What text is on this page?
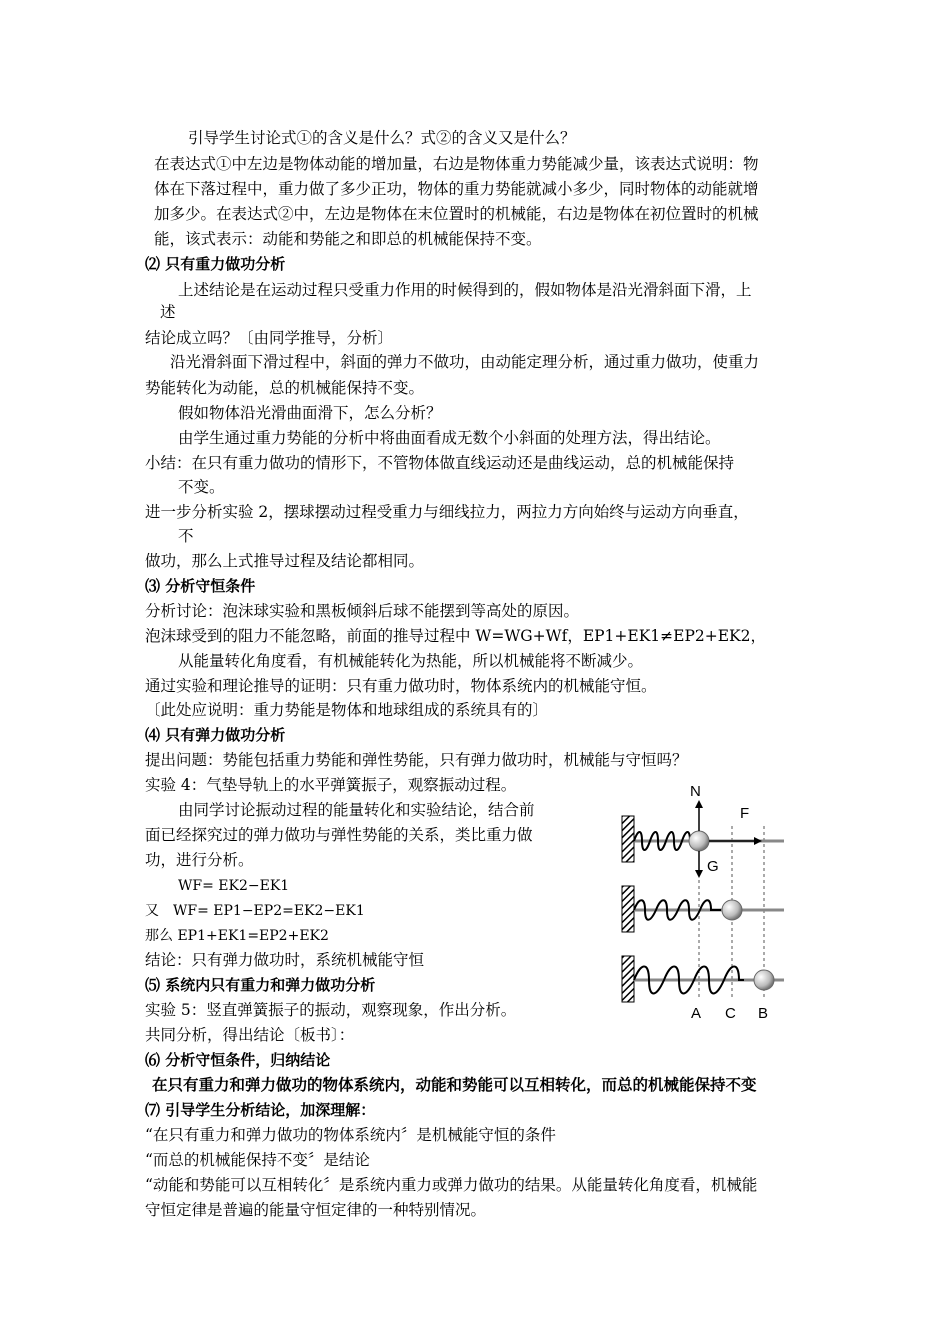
引导学生讨论式①的含义是什么？式②的含义又是什么？
在表达式①中左边是物体动能的增加量，右边是物体重力势能减少量，该表达式说明：物
体在下落过程中，重力做了多少正功，物体的重力势能就减小多少，同时物体的动能就增
加多少。在表达式②中，左边是物体在末位置时的机械能，右边是物体在初位置时的机械
能，该式表示：动能和势能之和即总的机械能保持不变。
⑵ 只有重力做功分析
上述结论是在运动过程只受重力作用的时候得到的，假如物体是沿光滑斜面下滑，上
述
结论成立吗？〔由同学推导，分析〕
沿光滑斜面下滑过程中，斜面的弹力不做功，由动能定理分析，通过重力做功，使重力
势能转化为动能，总的机械能保持不变。
假如物体沿光滑曲面滑下，怎么分析？
由学生通过重力势能的分析中将曲面看成无数个小斜面的处理方法，得出结论。
小结：在只有重力做功的情形下，不管物体做直线运动还是曲线运动，总的机械能保持
不变。
进一步分析实验 2，摆球摆动过程受重力与细线拉力，两拉力方向始终与运动方向垂直，
不
做功，那么上式推导过程及结论都相同。
⑶ 分析守恒条件
分析讨论：泡沫球实验和黑板倾斜后球不能摆到等高处的原因。
泡沫球受到的阻力不能忽略，前面的推导过程中 W=WG+Wf，EP1+EK1≠EP2+EK2，
从能量转化角度看，有机械能转化为热能，所以机械能将不断减少。
通过实验和理论推导的证明：只有重力做功时，物体系统内的机械能守恒。
〔此处应说明：重力势能是物体和地球组成的系统具有的〕
⑷ 只有弹力做功分析
提出问题：势能包括重力势能和弹性势能，只有弹力做功时，机械能与守恒吗？
实验 4：气垫导轨上的水平弹簧振子，观察振动过程。
由同学讨论振动过程的能量转化和实验结论，结合前
面已经探究过的弹力做功与弹性势能的关系，类比重力做
功，进行分析。
WF= EK2−EK1
又　WF= EP1−EP2=EK2−EK1
那么 EP1+EK1=EP2+EK2
结论：只有弹力做功时，系统机械能守恒
⑸ 系统内只有重力和弹力做功分析
实验 5：竖直弹簧振子的振动，观察现象，作出分析。
共同分析，得出结论〔板书〕：
⑹ 分析守恒条件，归纳结论
在只有重力和弹力做功的物体系统内，动能和势能可以互相转化，而总的机械能保持不变
⑺ 引导学生分析结论，加深理解：
“在只有重力和弹力做功的物体系统内〞是机械能守恒的条件
“而总的机械能保持不变〞是结论
“动能和势能可以互相转化〞是系统内重力或弹力做功的结果。从能量转化角度看，机械能
守恒定律是普遍的能量守恒定律的一种特别情况。
N
F
G
A C B
